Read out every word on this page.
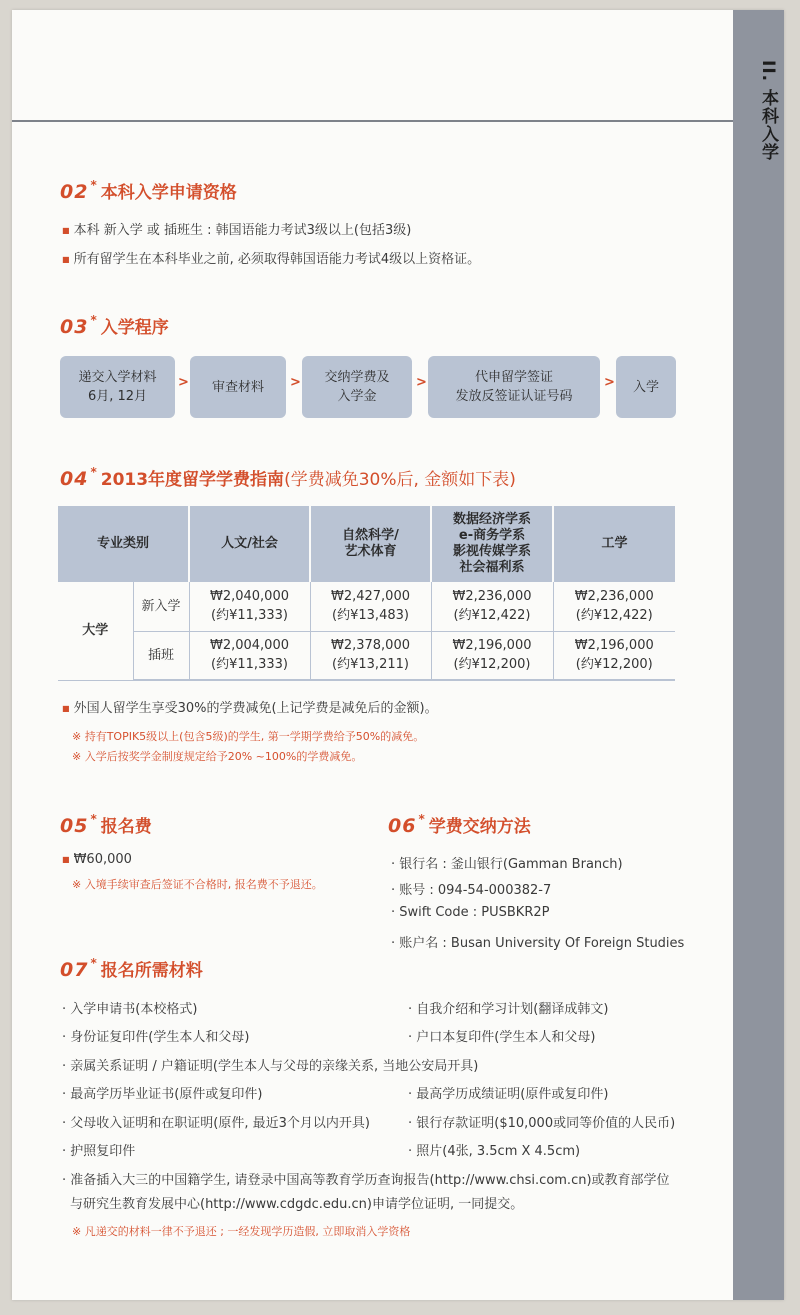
II. 本科入学
02 * 本科入学申请资格
■ 本科 新入学 或 插班生 : 韩国语能力考试3级以上(包括3级)
■ 所有留学生在本科毕业之前, 必须取得韩国语能力考试4级以上资格证。
03 * 入学程序
递交入学材料
6月, 12月
>	审查材料	>	交纳学费及
入学金
>	代申留学签证
发放反签证认证号码
>	入学
04 * 2013年度留学学费指南(学费减免30%后, 金额如下表)
专业类别		人文/社会	自然科学/
艺术体育	数据经济学系
e-商务学系
影视传媒学系
社会福利系	工学
大学	新入学	₩2,040,000
(约¥11,333)	₩2,427,000
(约¥13,483)	₩2,236,000
(约¥12,422)	₩2,236,000
(约¥12,422)
	插班	₩2,004,000
(约¥11,333)	₩2,378,000
(约¥13,211)	₩2,196,000
(约¥12,200)	₩2,196,000
(约¥12,200)
■ 外国人留学生享受30%的学费减免(上记学费是减免后的金额)。
※ 持有TOPIK5级以上(包含5级)的学生, 第一学期学费给予50%的减免。
※ 入学后按奖学金制度规定给予20% ~100%的学费减免。
05 * 报名费
■ ₩60,000
※ 入境手续审查后签证不合格时, 报名费不予退还。
06 * 学费交纳方法
· 银行名 : 釜山银行(Gamman Branch)
· 账号 : 094-54-000382-7
· Swift Code : PUSBKR2P
· 账户名 : Busan University Of Foreign Studies
07 * 报名所需材料
· 入学申请书(本校格式)	· 自我介绍和学习计划(翻译成韩文)
· 身份证复印件(学生本人和父母)	· 户口本复印件(学生本人和父母)
· 亲属关系证明 / 户籍证明(学生本人与父母的亲缘关系, 当地公安局开具)
· 最高学历毕业证书(原件或复印件)	· 最高学历成绩证明(原件或复印件)
· 父母收入证明和在职证明(原件, 最近3个月以内开具)	· 银行存款证明($10,000或同等价值的人民币)
· 护照复印件	· 照片(4张, 3.5cm X 4.5cm)
· 准备插入大三的中国籍学生, 请登录中国高等教育学历查询报告(http://www.chsi.com.cn)或教育部学位
与研究生教育发展中心(http://www.cdgdc.edu.cn)申请学位证明, 一同提交。
※ 凡递交的材料一律不予退还 ; 一经发现学历造假, 立即取消入学资格
